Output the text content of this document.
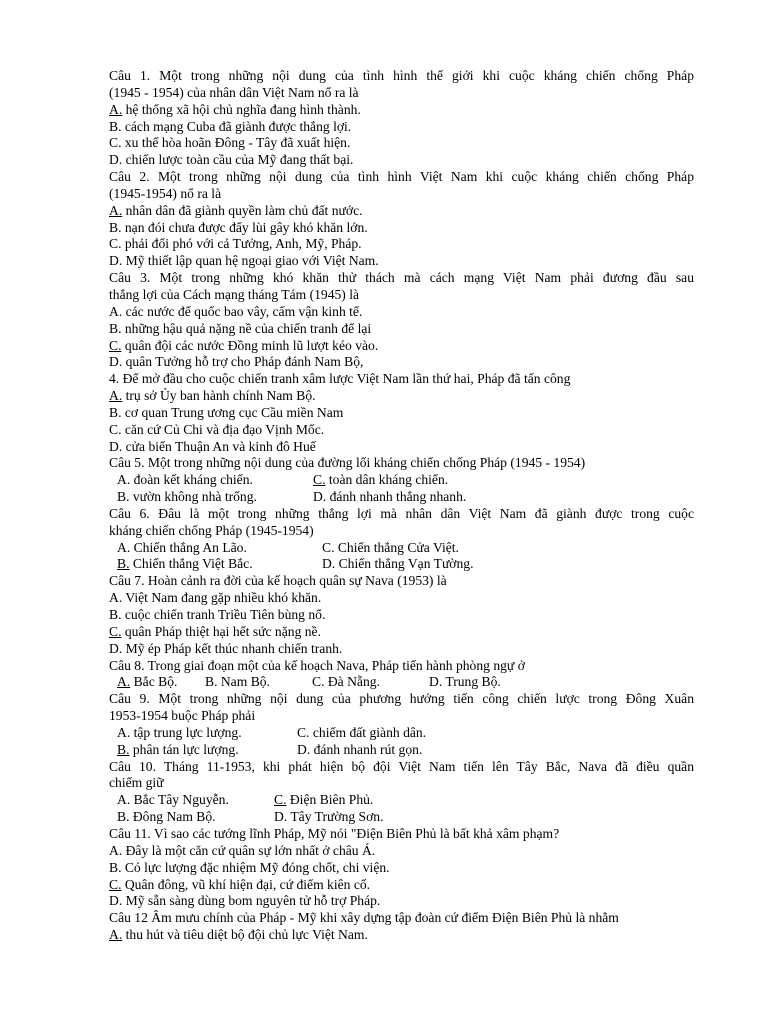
Câu 1. Một trong những nội dung của tình hình thế giới khi cuộc kháng chiến chống Pháp
(1945 - 1954) của nhân dân Việt Nam nổ ra là
A. hệ thống xã hội chủ nghĩa đang hình thành.
B. cách mạng Cuba đã giành được thắng lợi.
C. xu thế hòa hoãn Đông - Tây đã xuất hiện.
D. chiến lược toàn cầu của Mỹ đang thất bại.
Câu 2. Một trong những nội dung của tình hình Việt Nam khi cuộc kháng chiến chống Pháp
(1945-1954) nổ ra là
A. nhân dân đã giành quyền làm chủ đất nước.
B. nạn đói chưa được đẩy lùi gây khó khăn lớn.
C. phải đối phó với cả Tưởng, Anh, Mỹ, Pháp.
D. Mỹ thiết lập quan hệ ngoại giao với Việt Nam.
Câu 3. Một trong những khó khăn thử thách mà cách mạng Việt Nam phải đương đầu sau
thắng lợi của Cách mạng tháng Tám (1945) là
A. các nước đế quốc bao vây, cấm vận kinh tế.
B. những hậu quả nặng nề của chiến tranh để lại
C. quân đội các nước Đồng minh lũ lượt kéo vào.
D. quân Tưởng hỗ trợ cho Pháp đánh Nam Bộ,
4. Để mở đầu cho cuộc chiến tranh xâm lược Việt Nam lần thứ hai, Pháp đã tấn công
A. trụ sở Ủy ban hành chính Nam Bộ.
B. cơ quan Trung ương cục Cầu miền Nam
C. căn cứ Củ Chi và địa đạo Vịnh Mốc.
D. cửa biển Thuận An và kinh đô Huế
Câu 5. Một trong những nội dung của đường lối kháng chiến chống Pháp (1945 - 1954)
A. đoàn kết kháng chiến.	C. toàn dân kháng chiến.
B. vườn không nhà trống.	D. đánh nhanh thắng nhanh.
Câu 6. Đâu là một trong những thắng lợi mà nhân dân Việt Nam đã giành được trong cuộc
kháng chiến chống Pháp (1945-1954)
A. Chiến thắng An Lão.	C. Chiến thắng Cửa Việt.
B. Chiến thắng Việt Bắc.	D. Chiến thắng Vạn Tường.
Câu 7. Hoàn cảnh ra đời của kế hoạch quân sự Nava (1953) là
A. Việt Nam đang gặp nhiều khó khăn.
B. cuộc chiến tranh Triều Tiên bùng nổ.
C. quân Pháp thiệt hại hết sức nặng nề.
D. Mỹ ép Pháp kết thúc nhanh chiến tranh.
Câu 8. Trong giai đoạn một của kế hoạch Nava, Pháp tiến hành phòng ngự ở
A. Bắc Bộ.	B. Nam Bộ.	C. Đà Nẵng.	D. Trung Bộ.
Câu 9. Một trong những nội dung của phương hướng tiến công chiến lược trong Đông Xuân
1953-1954 buộc Pháp phải
A. tập trung lực lượng.	C. chiếm đất giành dân.
B. phân tán lực lượng.	D. đánh nhanh rút gọn.
Câu 10. Tháng 11-1953, khi phát hiện bộ đội Việt Nam tiến lên Tây Bắc, Nava đã điều quần
chiếm giữ
A. Bắc Tây Nguyễn.	C. Điện Biên Phủ.
B. Đông Nam Bộ.	D. Tây Trường Sơn.
Câu 11. Vì sao các tướng lĩnh Pháp, Mỹ nói "Điện Biên Phủ là bất khả xâm phạm?
A. Đây là một căn cứ quân sự lớn nhất ở châu Á.
B. Có lực lượng đặc nhiệm Mỹ đóng chốt, chi viện.
C. Quân đông, vũ khí hiện đại, cứ điểm kiên cố.
D. Mỹ sẵn sàng dùng bom nguyên tử hỗ trợ Pháp.
Câu 12 Âm mưu chính của Pháp - Mỹ khi xây dựng tập đoàn cứ điểm Điện Biên Phủ là nhằm
A. thu hút và tiêu diệt bộ đội chủ lực Việt Nam.
